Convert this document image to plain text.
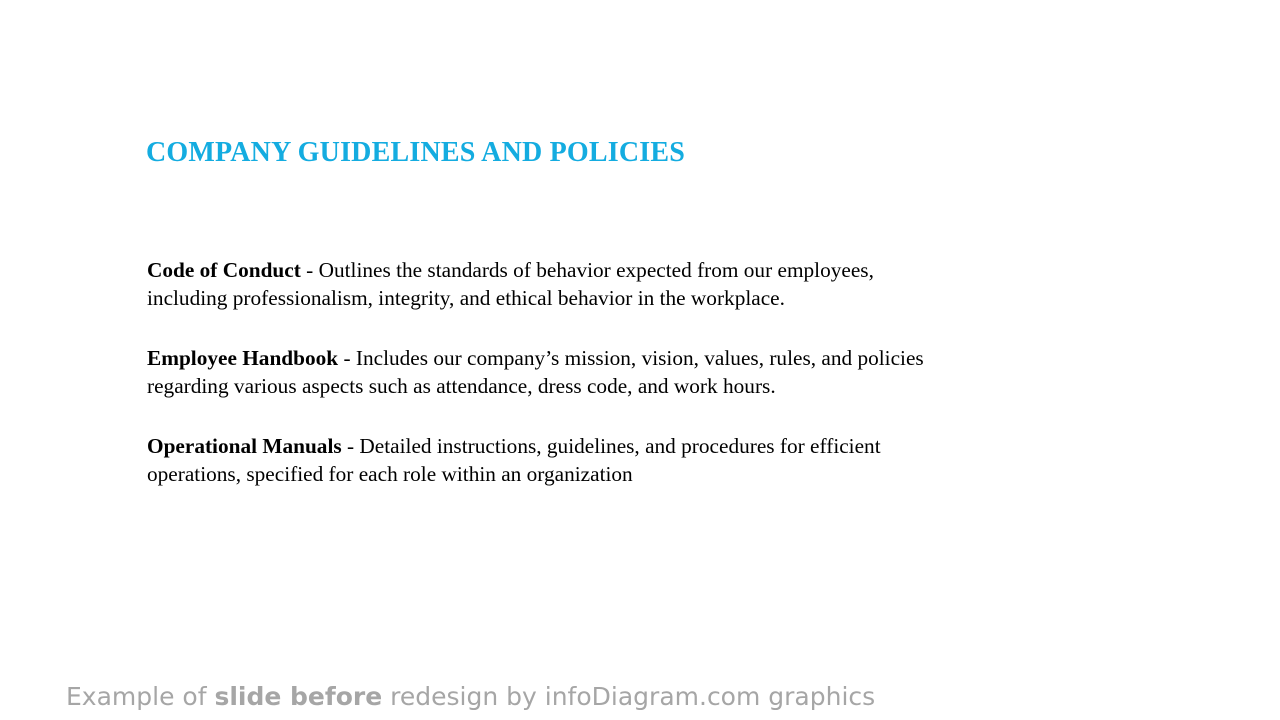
COMPANY GUIDELINES AND POLICIES
Code of Conduct - Outlines the standards of behavior expected from our employees, including professionalism, integrity, and ethical behavior in the workplace.
Employee Handbook - Includes our company’s mission, vision, values, rules, and policies regarding various aspects such as attendance, dress code, and work hours.
Operational Manuals - Detailed instructions, guidelines, and procedures for efficient operations, specified for each role within an organization

Example of slide before redesign by infoDiagram.com graphics
